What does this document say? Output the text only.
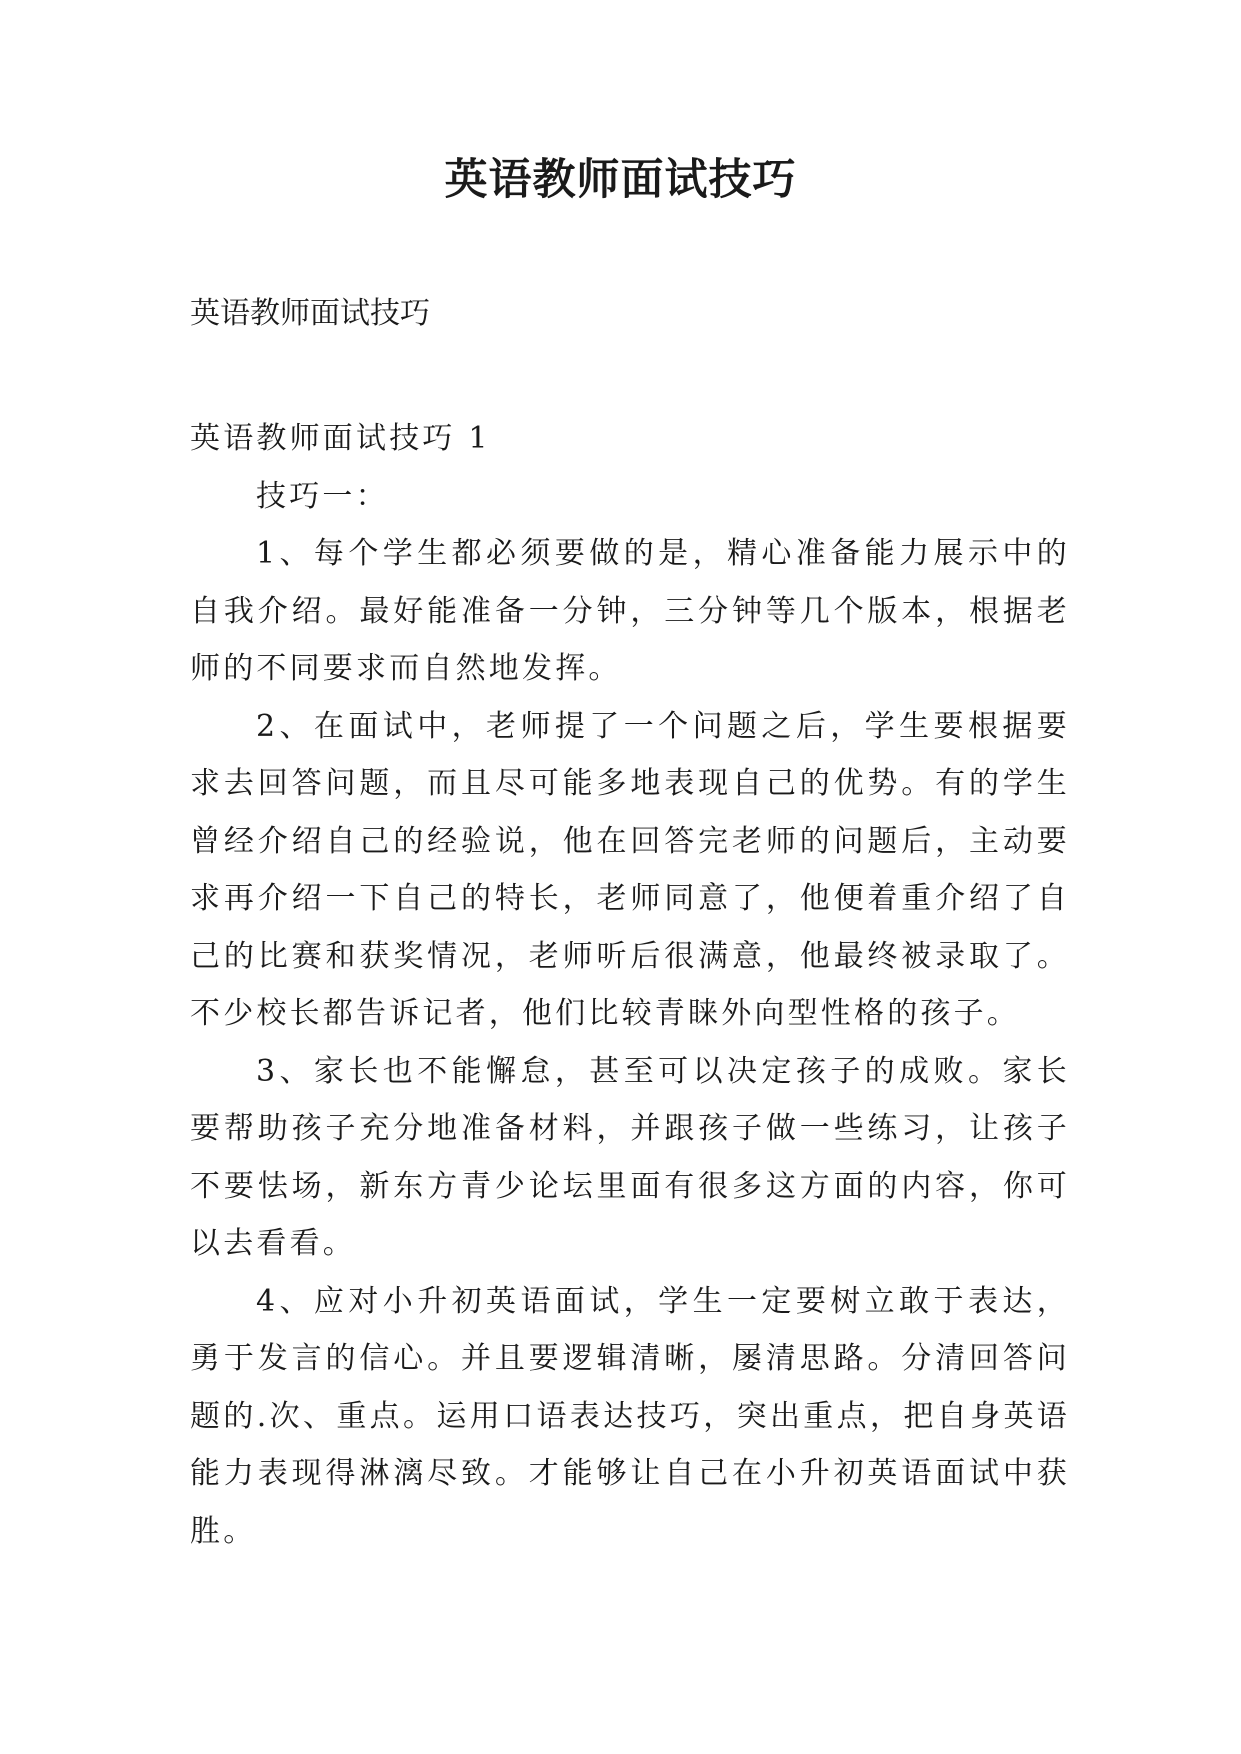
英语教师面试技巧

英语教师面试技巧

英语教师面试技巧 1

技巧一：

1、每个学生都必须要做的是，精心准备能力展示中的自我介绍。最好能准备一分钟，三分钟等几个版本，根据老师的不同要求而自然地发挥。

2、在面试中，老师提了一个问题之后，学生要根据要求去回答问题，而且尽可能多地表现自己的优势。有的学生曾经介绍自己的经验说，他在回答完老师的问题后，主动要求再介绍一下自己的特长，老师同意了，他便着重介绍了自己的比赛和获奖情况，老师听后很满意，他最终被录取了。不少校长都告诉记者，他们比较青睐外向型性格的孩子。

3、家长也不能懈怠，甚至可以决定孩子的成败。家长要帮助孩子充分地准备材料，并跟孩子做一些练习，让孩子不要怯场，新东方青少论坛里面有很多这方面的内容，你可以去看看。

4、应对小升初英语面试，学生一定要树立敢于表达，勇于发言的信心。并且要逻辑清晰，屡清思路。分清回答问题的.次、重点。运用口语表达技巧，突出重点，把自身英语能力表现得淋漓尽致。才能够让自己在小升初英语面试中获胜。
